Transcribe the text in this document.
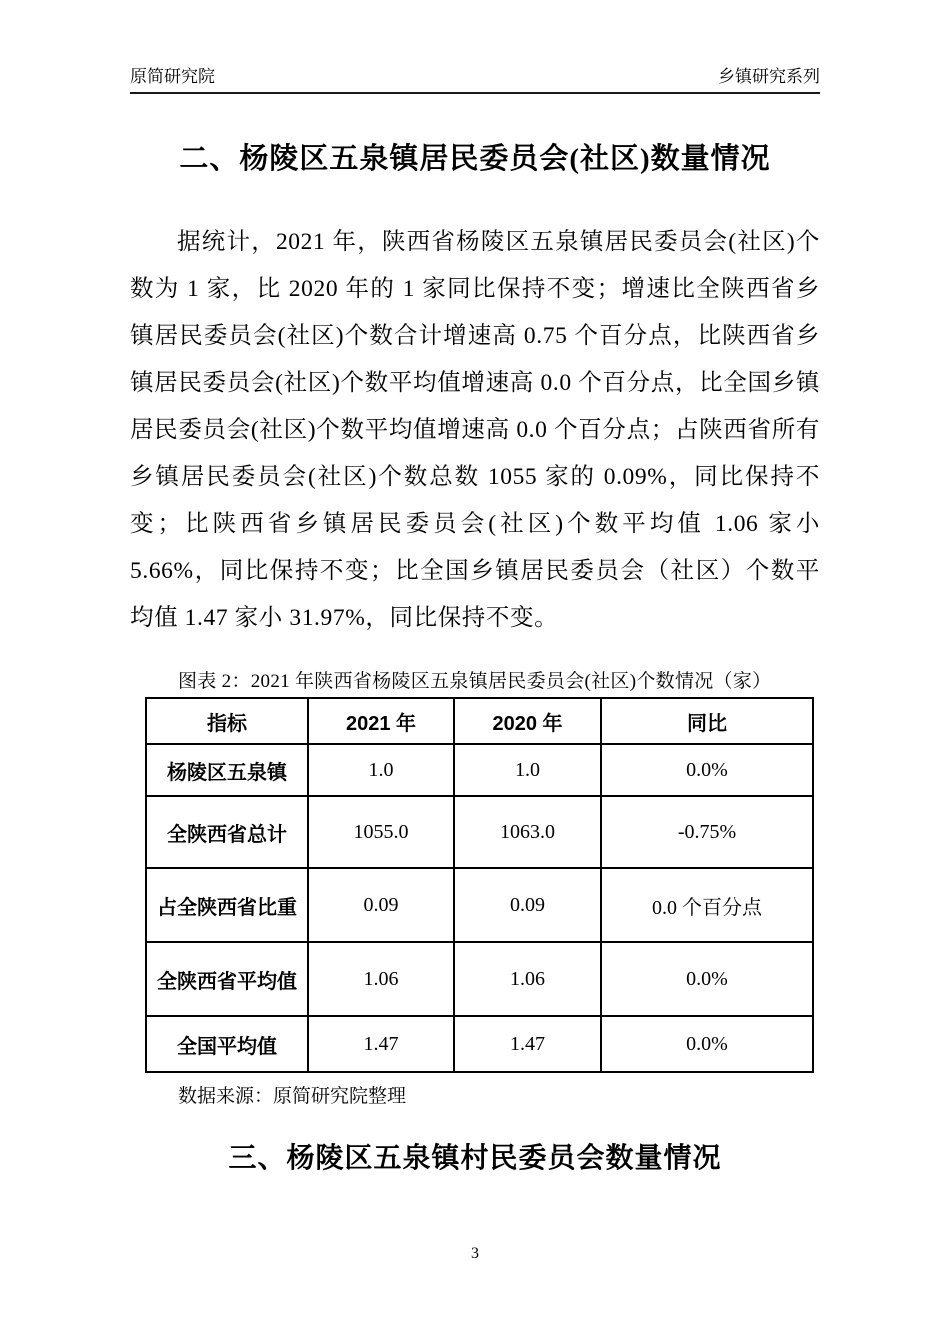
原简研究院	乡镇研究系列
二、杨陵区五泉镇居民委员会(社区)数量情况

据统计，2021 年，陕西省杨陵区五泉镇居民委员会(社区)个数为 1 家，比 2020 年的 1 家同比保持不变；增速比全陕西省乡镇居民委员会(社区)个数合计增速高 0.75 个百分点，比陕西省乡镇居民委员会(社区)个数平均值增速高 0.0 个百分点，比全国乡镇居民委员会(社区)个数平均值增速高 0.0 个百分点；占陕西省所有乡镇居民委员会(社区)个数总数 1055 家的 0.09%，同比保持不变；比陕西省乡镇居民委员会(社区)个数平均值 1.06 家小 5.66%，同比保持不变；比全国乡镇居民委员会（社区）个数平均值 1.47 家小 31.97%，同比保持不变。

图表 2：2021 年陕西省杨陵区五泉镇居民委员会(社区)个数情况（家）
指标	2021 年	2020 年	同比
杨陵区五泉镇	1.0	1.0	0.0%
全陕西省总计	1055.0	1063.0	-0.75%
占全陕西省比重	0.09	0.09	0.0 个百分点
全陕西省平均值	1.06	1.06	0.0%
全国平均值	1.47	1.47	0.0%
数据来源：原简研究院整理
三、杨陵区五泉镇村民委员会数量情况
3
